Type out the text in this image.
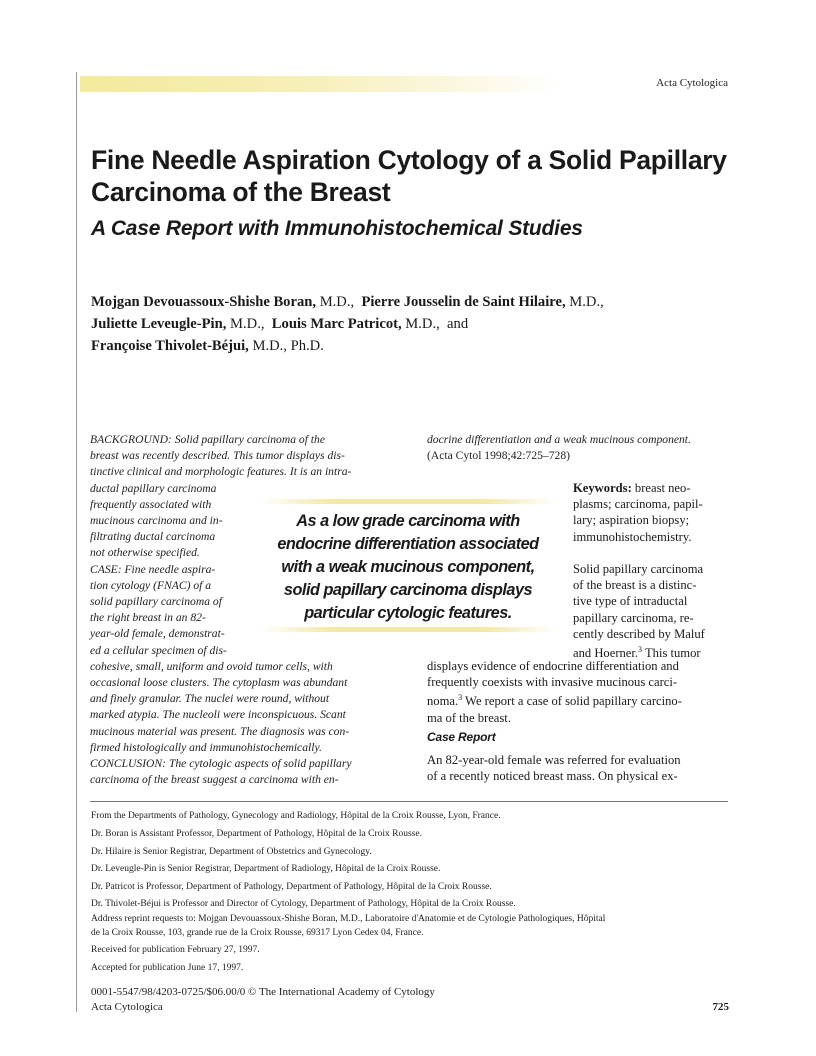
Acta Cytologica
Fine Needle Aspiration Cytology of a Solid Papillary Carcinoma of the Breast
A Case Report with Immunohistochemical Studies
Mojgan Devouassoux-Shishe Boran, M.D., Pierre Jousselin de Saint Hilaire, M.D.,
Juliette Leveugle-Pin, M.D., Louis Marc Patricot, M.D., and
Françoise Thivolet-Béjui, M.D., Ph.D.
BACKGROUND: Solid papillary carcinoma of the
breast was recently described. This tumor displays dis-
tinctive clinical and morphologic features. It is an intra-
ductal papillary carcinoma
frequently associated with
mucinous carcinoma and in-
filtrating ductal carcinoma
not otherwise specified.
CASE: Fine needle aspira-
tion cytology (FNAC) of a
solid papillary carcinoma of
the right breast in an 82-
year-old female, demonstrat-
ed a cellular specimen of dis-
cohesive, small, uniform and ovoid tumor cells, with
occasional loose clusters. The cytoplasm was abundant
and finely granular. The nuclei were round, without
marked atypia. The nucleoli were inconspicuous. Scant
mucinous material was present. The diagnosis was con-
firmed histologically and immunohistochemically.
CONCLUSION: The cytologic aspects of solid papillary
carcinoma of the breast suggest a carcinoma with en-
docrine differentiation and a weak mucinous component.
(Acta Cytol 1998;42:725–728)
Keywords: breast neo-
plasms; carcinoma, papil-
lary; aspiration biopsy;
immunohistochemistry.
As a low grade carcinoma with
endocrine differentiation associated
with a weak mucinous component,
solid papillary carcinoma displays
particular cytologic features.
Solid papillary carcinoma
of the breast is a distinc-
tive type of intraductal
papillary carcinoma, re-
cently described by Maluf
and Hoerner.$^3$ This tumor
displays evidence of endocrine differentiation and
frequently coexists with invasive mucinous carci-
noma.$^3$ We report a case of solid papillary carcino-
ma of the breast.
Case Report
An 82-year-old female was referred for evaluation
of a recently noticed breast mass. On physical ex-
From the Departments of Pathology, Gynecology and Radiology, Hôpital de la Croix Rousse, Lyon, France.
Dr. Boran is Assistant Professor, Department of Pathology, Hôpital de la Croix Rousse.
Dr. Hilaire is Senior Registrar, Department of Obstetrics and Gynecology.
Dr. Leveugle-Pin is Senior Registrar, Department of Radiology, Hôpital de la Croix Rousse.
Dr. Patricot is Professor, Department of Pathology, Department of Pathology, Hôpital de la Croix Rousse.
Dr. Thivolet-Béjui is Professor and Director of Cytology, Department of Pathology, Hôpital de la Croix Rousse.
Address reprint requests to: Mojgan Devouassoux-Shishe Boran, M.D., Laboratoire d'Anatomie et de Cytologie Pathologiques, Hôpital
de la Croix Rousse, 103, grande rue de la Croix Rousse, 69317 Lyon Cedex 04, France.
Received for publication February 27, 1997.
Accepted for publication June 17, 1997.
0001-5547/98/4203-0725/$06.00/0 © The International Academy of Cytology
Acta Cytologica	725
